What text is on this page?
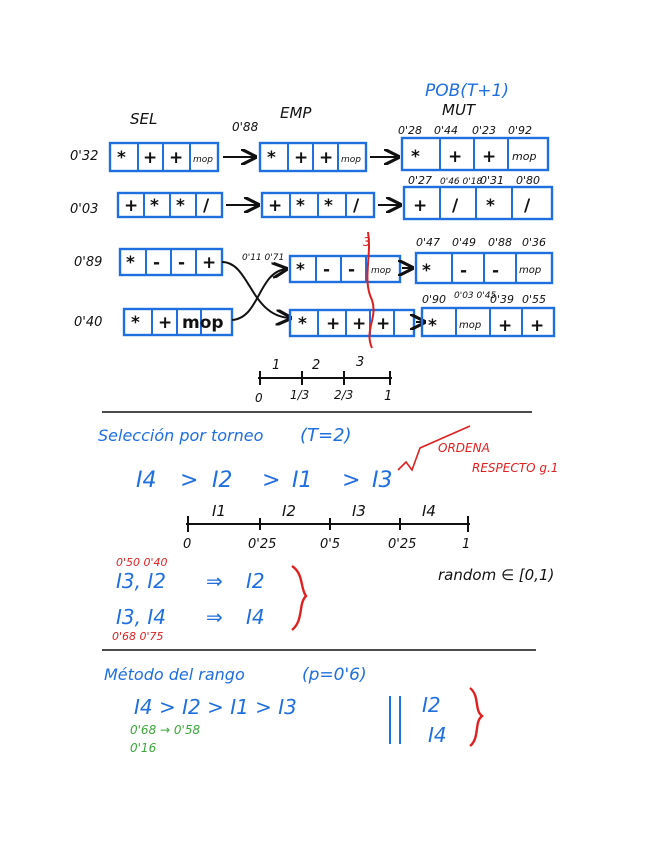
POB(T+1)
MUT
SEL	EMP
0'32 * + + mop
0'88
* + + mop
0'28 0'44 0'23 0'92
* + + mop
0'03 + * * /	+ * * /
0'27 0'46 0'18
0'31 0'80
+ / * /
0'89 * - - +	0'11 0'71
* - - mop
0'47 0'49 0'88 0'36
* - - mop
0'40 * + mop	* + + +
0'90 0'03 0'45
0'39 0'55
* mop + +
3
1 2	3
0 1/3 2/3 1
Selección por torneo (T=2)
I4 > I2 > I1 > I3
ORDENA
RESPECTO g.1
I1	I2	I3	I4
0	0'25	0'5	0'25	1
random ∈ [0,1)
0'50 0'40
I3, I2 ⇒ I2
I3, I4 ⇒ I4
0'68 0'75
Método del rango	(p=0'6)
I4 > I2 > I1 > I3	I2
I4
0'68 → 0'58
0'16
